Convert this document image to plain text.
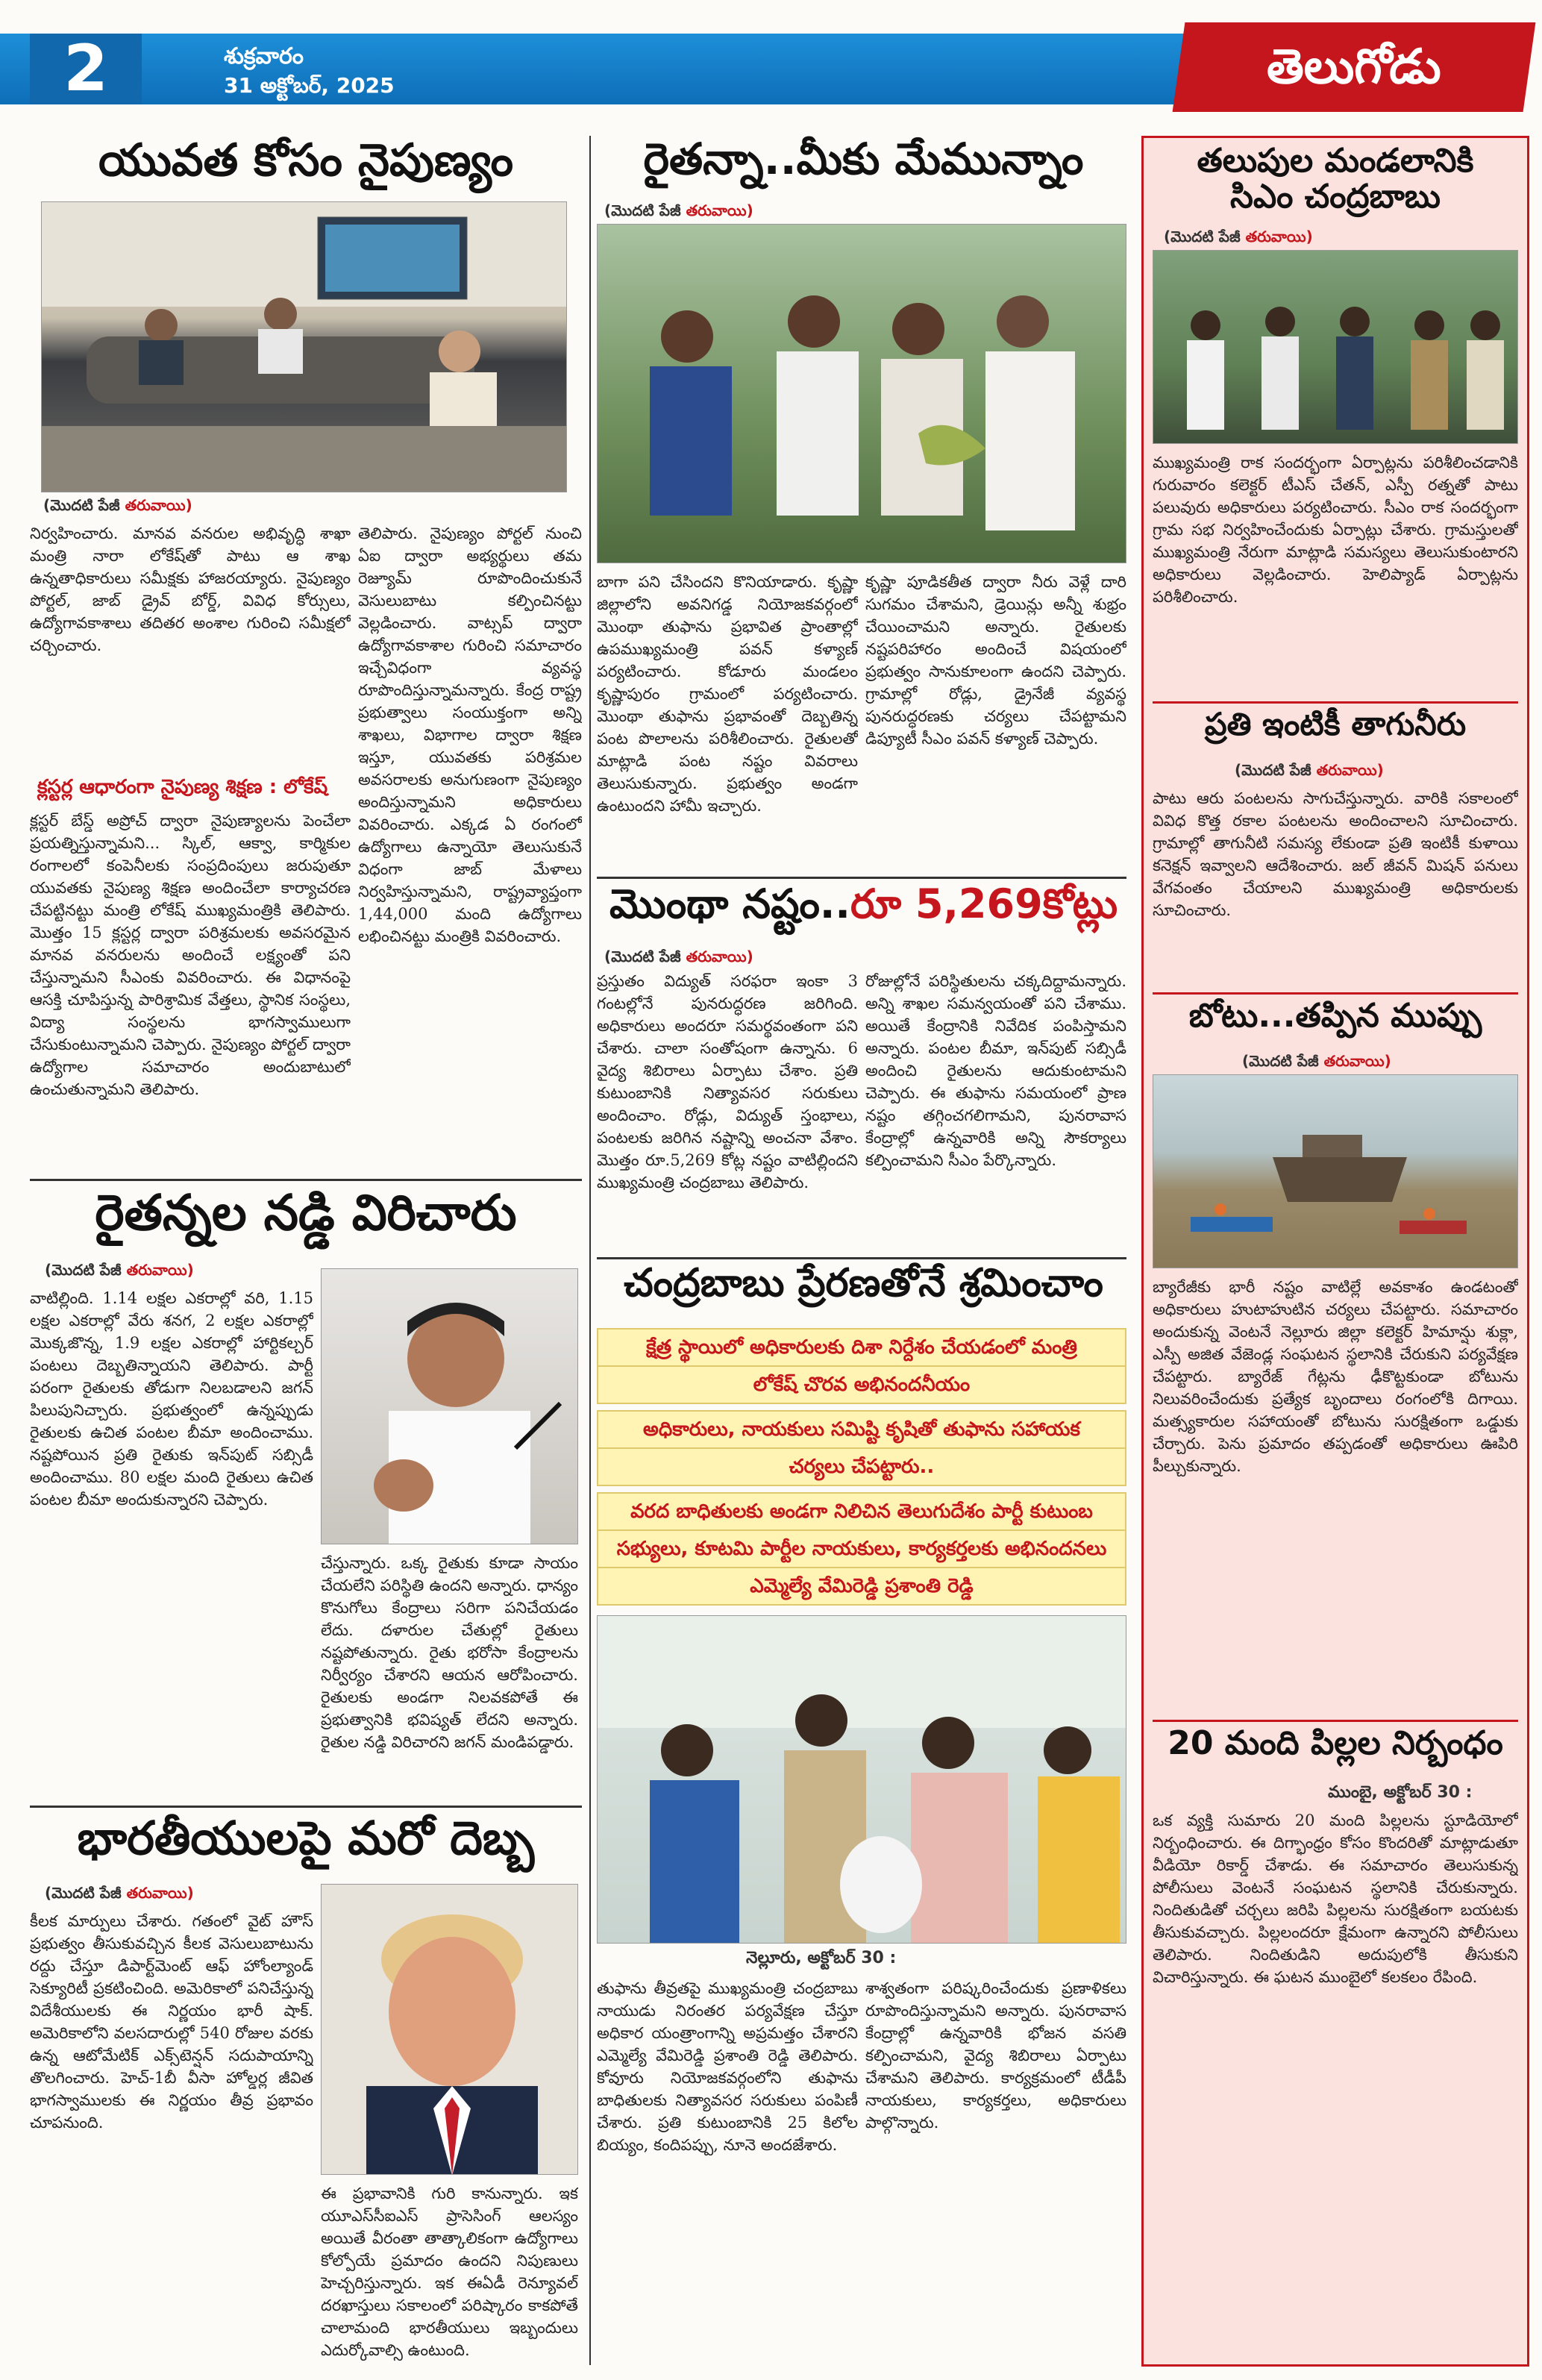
2	శుక్రవారం
31 అక్టోబర్, 2025	తెలుగోడు
యువత కోసం నైపుణ్యం
(మొదటి పేజీ తరువాయి)
నిర్వహించారు. మానవ వనరుల అభివృద్ధి శాఖా మంత్రి నారా లోకేష్‌తో పాటు ఆ శాఖ ఉన్నతాధికారులు సమీక్షకు హాజరయ్యారు. నైపుణ్యం పోర్టల్, జాబ్ డ్రైవ్ బోర్డ్, వివిధ కోర్సులు, ఉద్యోగావకాశాలు తదితర అంశాల గురించి సమీక్షలో చర్చించారు.
క్లస్టర్ల ఆధారంగా నైపుణ్య శిక్షణ : లోకేష్
క్లస్టర్ బేస్డ్ అప్రోచ్ ద్వారా నైపుణ్యాలను పెంచేలా ప్రయత్నిస్తున్నామని... స్కిల్, ఆక్వా, కార్మికుల రంగాలలో కంపెనీలకు సంప్రదింపులు జరుపుతూ యువతకు నైపుణ్య శిక్షణ అందించేలా కార్యాచరణ చేపట్టినట్టు మంత్రి లోకేష్ ముఖ్యమంత్రికి తెలిపారు. మొత్తం 15 క్లస్టర్ల ద్వారా పరిశ్రమలకు అవసరమైన మానవ వనరులను అందించే లక్ష్యంతో పని చేస్తున్నామని సీఎంకు వివరించారు. ఈ విధానంపై ఆసక్తి చూపిస్తున్న పారిశ్రామిక వేత్తలు, స్థానిక సంస్థలు, విద్యా సంస్థలను భాగస్వాములుగా చేసుకుంటున్నామని చెప్పారు. నైపుణ్యం పోర్టల్ ద్వారా ఉద్యోగాల సమాచారం అందుబాటులో ఉంచుతున్నామని తెలిపారు.
తెలిపారు. నైపుణ్యం పోర్టల్ నుంచి ఏఐ ద్వారా అభ్యర్థులు తమ రెజ్యూమ్ రూపొందించుకునే వెసులుబాటు కల్పించినట్టు వెల్లడించారు. వాట్సప్ ద్వారా ఉద్యోగావకాశాల గురించి సమాచారం ఇచ్చేవిధంగా వ్యవస్థ రూపొందిస్తున్నామన్నారు. కేంద్ర రాష్ట్ర ప్రభుత్వాలు సంయుక్తంగా అన్ని శాఖలు, విభాగాల ద్వారా శిక్షణ ఇస్తూ, యువతకు పరిశ్రమల అవసరాలకు అనుగుణంగా నైపుణ్యం అందిస్తున్నామని అధికారులు వివరించారు. ఎక్కడ ఏ రంగంలో ఉద్యోగాలు ఉన్నాయో తెలుసుకునే విధంగా జాబ్ మేళాలు నిర్వహిస్తున్నామని, రాష్ట్రవ్యాప్తంగా 1,44,000 మంది ఉద్యోగాలు లభించినట్టు మంత్రికి వివరించారు.
రైతన్నల నడ్డి విరిచారు
(మొదటి పేజీ తరువాయి)
వాటిల్లింది. 1.14 లక్షల ఎకరాల్లో వరి, 1.15 లక్షల ఎకరాల్లో వేరు శనగ, 2 లక్షల ఎకరాల్లో మొక్కజొన్న, 1.9 లక్షల ఎకరాల్లో హార్టికల్చర్ పంటలు దెబ్బతిన్నాయని తెలిపారు. పార్టీ పరంగా రైతులకు తోడుగా నిలబడాలని జగన్ పిలుపునిచ్చారు. ప్రభుత్వంలో ఉన్నప్పుడు రైతులకు ఉచిత పంటల బీమా అందించాము. నష్టపోయిన ప్రతి రైతుకు ఇన్‌పుట్ సబ్సిడీ అందించాము. 80 లక్షల మంది రైతులు ఉచిత పంటల బీమా అందుకున్నారని చెప్పారు.
చేస్తున్నారు. ఒక్క రైతుకు కూడా సాయం చేయలేని పరిస్థితి ఉందని అన్నారు. ధాన్యం కొనుగోలు కేంద్రాలు సరిగా పనిచేయడం లేదు. దళారుల చేతుల్లో రైతులు నష్టపోతున్నారు. రైతు భరోసా కేంద్రాలను నిర్వీర్యం చేశారని ఆయన ఆరోపించారు. రైతులకు అండగా నిలవకపోతే ఈ ప్రభుత్వానికి భవిష్యత్ లేదని అన్నారు. రైతుల నడ్డి విరిచారని జగన్ మండిపడ్డారు.
భారతీయులపై మరో దెబ్బ
(మొదటి పేజీ తరువాయి)
కీలక మార్పులు చేశారు. గతంలో వైట్ హౌస్ ప్రభుత్వం తీసుకువచ్చిన కీలక వెసులుబాటును రద్దు చేస్తూ డిపార్ట్‌మెంట్ ఆఫ్ హోంల్యాండ్ సెక్యూరిటీ ప్రకటించింది. అమెరికాలో పనిచేస్తున్న విదేశీయులకు ఈ నిర్ణయం భారీ షాక్. అమెరికాలోని వలసదారుల్లో 540 రోజుల వరకు ఉన్న ఆటోమేటిక్ ఎక్స్‌టెన్షన్ సదుపాయాన్ని తొలగించారు. హెచ్-1బీ వీసా హోల్డర్ల జీవిత భాగస్వాములకు ఈ నిర్ణయం తీవ్ర ప్రభావం చూపనుంది.
ఈ ప్రభావానికి గురి కానున్నారు. ఇక యూఎస్‌సీఐఎస్ ప్రాసెసింగ్ ఆలస్యం అయితే వీరంతా తాత్కాలికంగా ఉద్యోగాలు కోల్పోయే ప్రమాదం ఉందని నిపుణులు హెచ్చరిస్తున్నారు. ఇక ఈఏడీ రెన్యూవల్ దరఖాస్తులు సకాలంలో పరిష్కారం కాకపోతే చాలామంది భారతీయులు ఇబ్బందులు ఎదుర్కోవాల్సి ఉంటుంది.
రైతన్నా..మీకు మేమున్నాం
(మొదటి పేజీ తరువాయి)
బాగా పని చేసిందని కొనియాడారు. కృష్ణా జిల్లాలోని అవనిగడ్డ నియోజకవర్గంలో మొంథా తుఫాను ప్రభావిత ప్రాంతాల్లో ఉపముఖ్యమంత్రి పవన్ కళ్యాణ్ పర్యటించారు. కోడూరు మండలం కృష్ణాపురం గ్రామంలో పర్యటించారు. మొంథా తుఫాను ప్రభావంతో దెబ్బతిన్న పంట పొలాలను పరిశీలించారు. రైతులతో మాట్లాడి పంట నష్టం వివరాలు తెలుసుకున్నారు. ప్రభుత్వం అండగా ఉంటుందని హామీ ఇచ్చారు.
కృష్ణా పూడికతీత ద్వారా నీరు వెళ్లే దారి సుగమం చేశామని, డ్రెయిన్లు అన్నీ శుభ్రం చేయించామని అన్నారు. రైతులకు నష్టపరిహారం అందించే విషయంలో ప్రభుత్వం సానుకూలంగా ఉందని చెప్పారు. గ్రామాల్లో రోడ్లు, డ్రైనేజీ వ్యవస్థ పునరుద్ధరణకు చర్యలు చేపట్టామని డిప్యూటీ సీఎం పవన్ కళ్యాణ్ చెప్పారు.
మొంథా నష్టం..రూ 5,269కోట్లు
(మొదటి పేజీ తరువాయి)
ప్రస్తుతం విద్యుత్ సరఫరా ఇంకా 3 గంటల్లోనే పునరుద్ధరణ జరిగింది. అధికారులు అందరూ సమర్థవంతంగా పని చేశారు. చాలా సంతోషంగా ఉన్నాను. 6 వైద్య శిబిరాలు ఏర్పాటు చేశాం. ప్రతి కుటుంబానికి నిత్యావసర సరుకులు అందించాం. రోడ్లు, విద్యుత్ స్తంభాలు, పంటలకు జరిగిన నష్టాన్ని అంచనా వేశాం. మొత్తం రూ.5,269 కోట్ల నష్టం వాటిల్లిందని ముఖ్యమంత్రి చంద్రబాబు తెలిపారు.
రోజుల్లోనే పరిస్థితులను చక్కదిద్దామన్నారు. అన్ని శాఖల సమన్వయంతో పని చేశాము. అయితే కేంద్రానికి నివేదిక పంపిస్తామని అన్నారు. పంటల బీమా, ఇన్‌పుట్ సబ్సిడీ అందించి రైతులను ఆదుకుంటామని చెప్పారు. ఈ తుఫాను సమయంలో ప్రాణ నష్టం తగ్గించగలిగామని, పునరావాస కేంద్రాల్లో ఉన్నవారికి అన్ని సౌకర్యాలు కల్పించామని సీఎం పేర్కొన్నారు.
చంద్రబాబు ప్రేరణతోనే శ్రమించాం
క్షేత్ర స్థాయిలో అధికారులకు దిశా నిర్దేశం చేయడంలో మంత్రి
లోకేష్ చొరవ అభినందనీయం
అధికారులు, నాయకులు సమిష్టి కృషితో తుఫాను సహాయక
చర్యలు చేపట్టారు..
వరద బాధితులకు అండగా నిలిచిన తెలుగుదేశం పార్టీ కుటుంబ
సభ్యులు, కూటమి పార్టీల నాయకులు, కార్యకర్తలకు అభినందనలు
ఎమ్మెల్యే వేమిరెడ్డి ప్రశాంతి రెడ్డి
నెల్లూరు, అక్టోబర్ 30 :
తుఫాను తీవ్రతపై ముఖ్యమంత్రి చంద్రబాబు నాయుడు నిరంతర పర్యవేక్షణ చేస్తూ అధికార యంత్రాంగాన్ని అప్రమత్తం చేశారని ఎమ్మెల్యే వేమిరెడ్డి ప్రశాంతి రెడ్డి తెలిపారు. కోవూరు నియోజకవర్గంలోని తుఫాను బాధితులకు నిత్యావసర సరుకులు పంపిణీ చేశారు. ప్రతి కుటుంబానికి 25 కిలోల బియ్యం, కందిపప్పు, నూనె అందజేశారు.
శాశ్వతంగా పరిష్కరించేందుకు ప్రణాళికలు రూపొందిస్తున్నామని అన్నారు. పునరావాస కేంద్రాల్లో ఉన్నవారికి భోజన వసతి కల్పించామని, వైద్య శిబిరాలు ఏర్పాటు చేశామని తెలిపారు. కార్యక్రమంలో టీడీపీ నాయకులు, కార్యకర్తలు, అధికారులు పాల్గొన్నారు.
తలుపుల మండలానికి
సిఎం చంద్రబాబు
(మొదటి పేజీ తరువాయి)
ముఖ్యమంత్రి రాక సందర్భంగా ఏర్పాట్లను పరిశీలించడానికి గురువారం కలెక్టర్ టీఎస్ చేతన్, ఎస్పీ రత్నతో పాటు పలువురు అధికారులు పర్యటించారు. సీఎం రాక సందర్భంగా గ్రామ సభ నిర్వహించేందుకు ఏర్పాట్లు చేశారు. గ్రామస్తులతో ముఖ్యమంత్రి నేరుగా మాట్లాడి సమస్యలు తెలుసుకుంటారని అధికారులు వెల్లడించారు. హెలిప్యాడ్ ఏర్పాట్లను పరిశీలించారు.
ప్రతి ఇంటికీ తాగునీరు
(మొదటి పేజీ తరువాయి)
పాటు ఆరు పంటలను సాగుచేస్తున్నారు. వారికి సకాలంలో వివిధ కొత్త రకాల పంటలను అందించాలని సూచించారు. గ్రామాల్లో తాగునీటి సమస్య లేకుండా ప్రతి ఇంటికీ కుళాయి కనెక్షన్ ఇవ్వాలని ఆదేశించారు. జల్ జీవన్ మిషన్ పనులు వేగవంతం చేయాలని ముఖ్యమంత్రి అధికారులకు సూచించారు.
బోటు...తప్పిన ముప్పు
(మొదటి పేజీ తరువాయి)
బ్యారేజీకు భారీ నష్టం వాటిల్లే అవకాశం ఉండటంతో అధికారులు హుటాహుటిన చర్యలు చేపట్టారు. సమాచారం అందుకున్న వెంటనే నెల్లూరు జిల్లా కలెక్టర్ హిమాన్షు శుక్లా, ఎస్పీ అజిత వేజెండ్ల సంఘటన స్థలానికి చేరుకుని పర్యవేక్షణ చేపట్టారు. బ్యారేజ్ గేట్లను ఢీకొట్టకుండా బోటును నిలువరించేందుకు ప్రత్యేక బృందాలు రంగంలోకి దిగాయి. మత్స్యకారుల సహాయంతో బోటును సురక్షితంగా ఒడ్డుకు చేర్చారు. పెను ప్రమాదం తప్పడంతో అధికారులు ఊపిరి పీల్చుకున్నారు.
20 మంది పిల్లల నిర్బంధం
ముంబై, అక్టోబర్ 30 :
ఒక వ్యక్తి సుమారు 20 మంది పిల్లలను స్టూడియోలో నిర్బంధించారు. ఈ దిగ్భాంధ్రం కోసం కొందరితో మాట్లాడుతూ వీడియో రికార్డ్ చేశాడు. ఈ సమాచారం తెలుసుకున్న పోలీసులు వెంటనే సంఘటన స్థలానికి చేరుకున్నారు. నిందితుడితో చర్చలు జరిపి పిల్లలను సురక్షితంగా బయటకు తీసుకువచ్చారు. పిల్లలందరూ క్షేమంగా ఉన్నారని పోలీసులు తెలిపారు. నిందితుడిని అదుపులోకి తీసుకుని విచారిస్తున్నారు. ఈ ఘటన ముంబైలో కలకలం రేపింది.
